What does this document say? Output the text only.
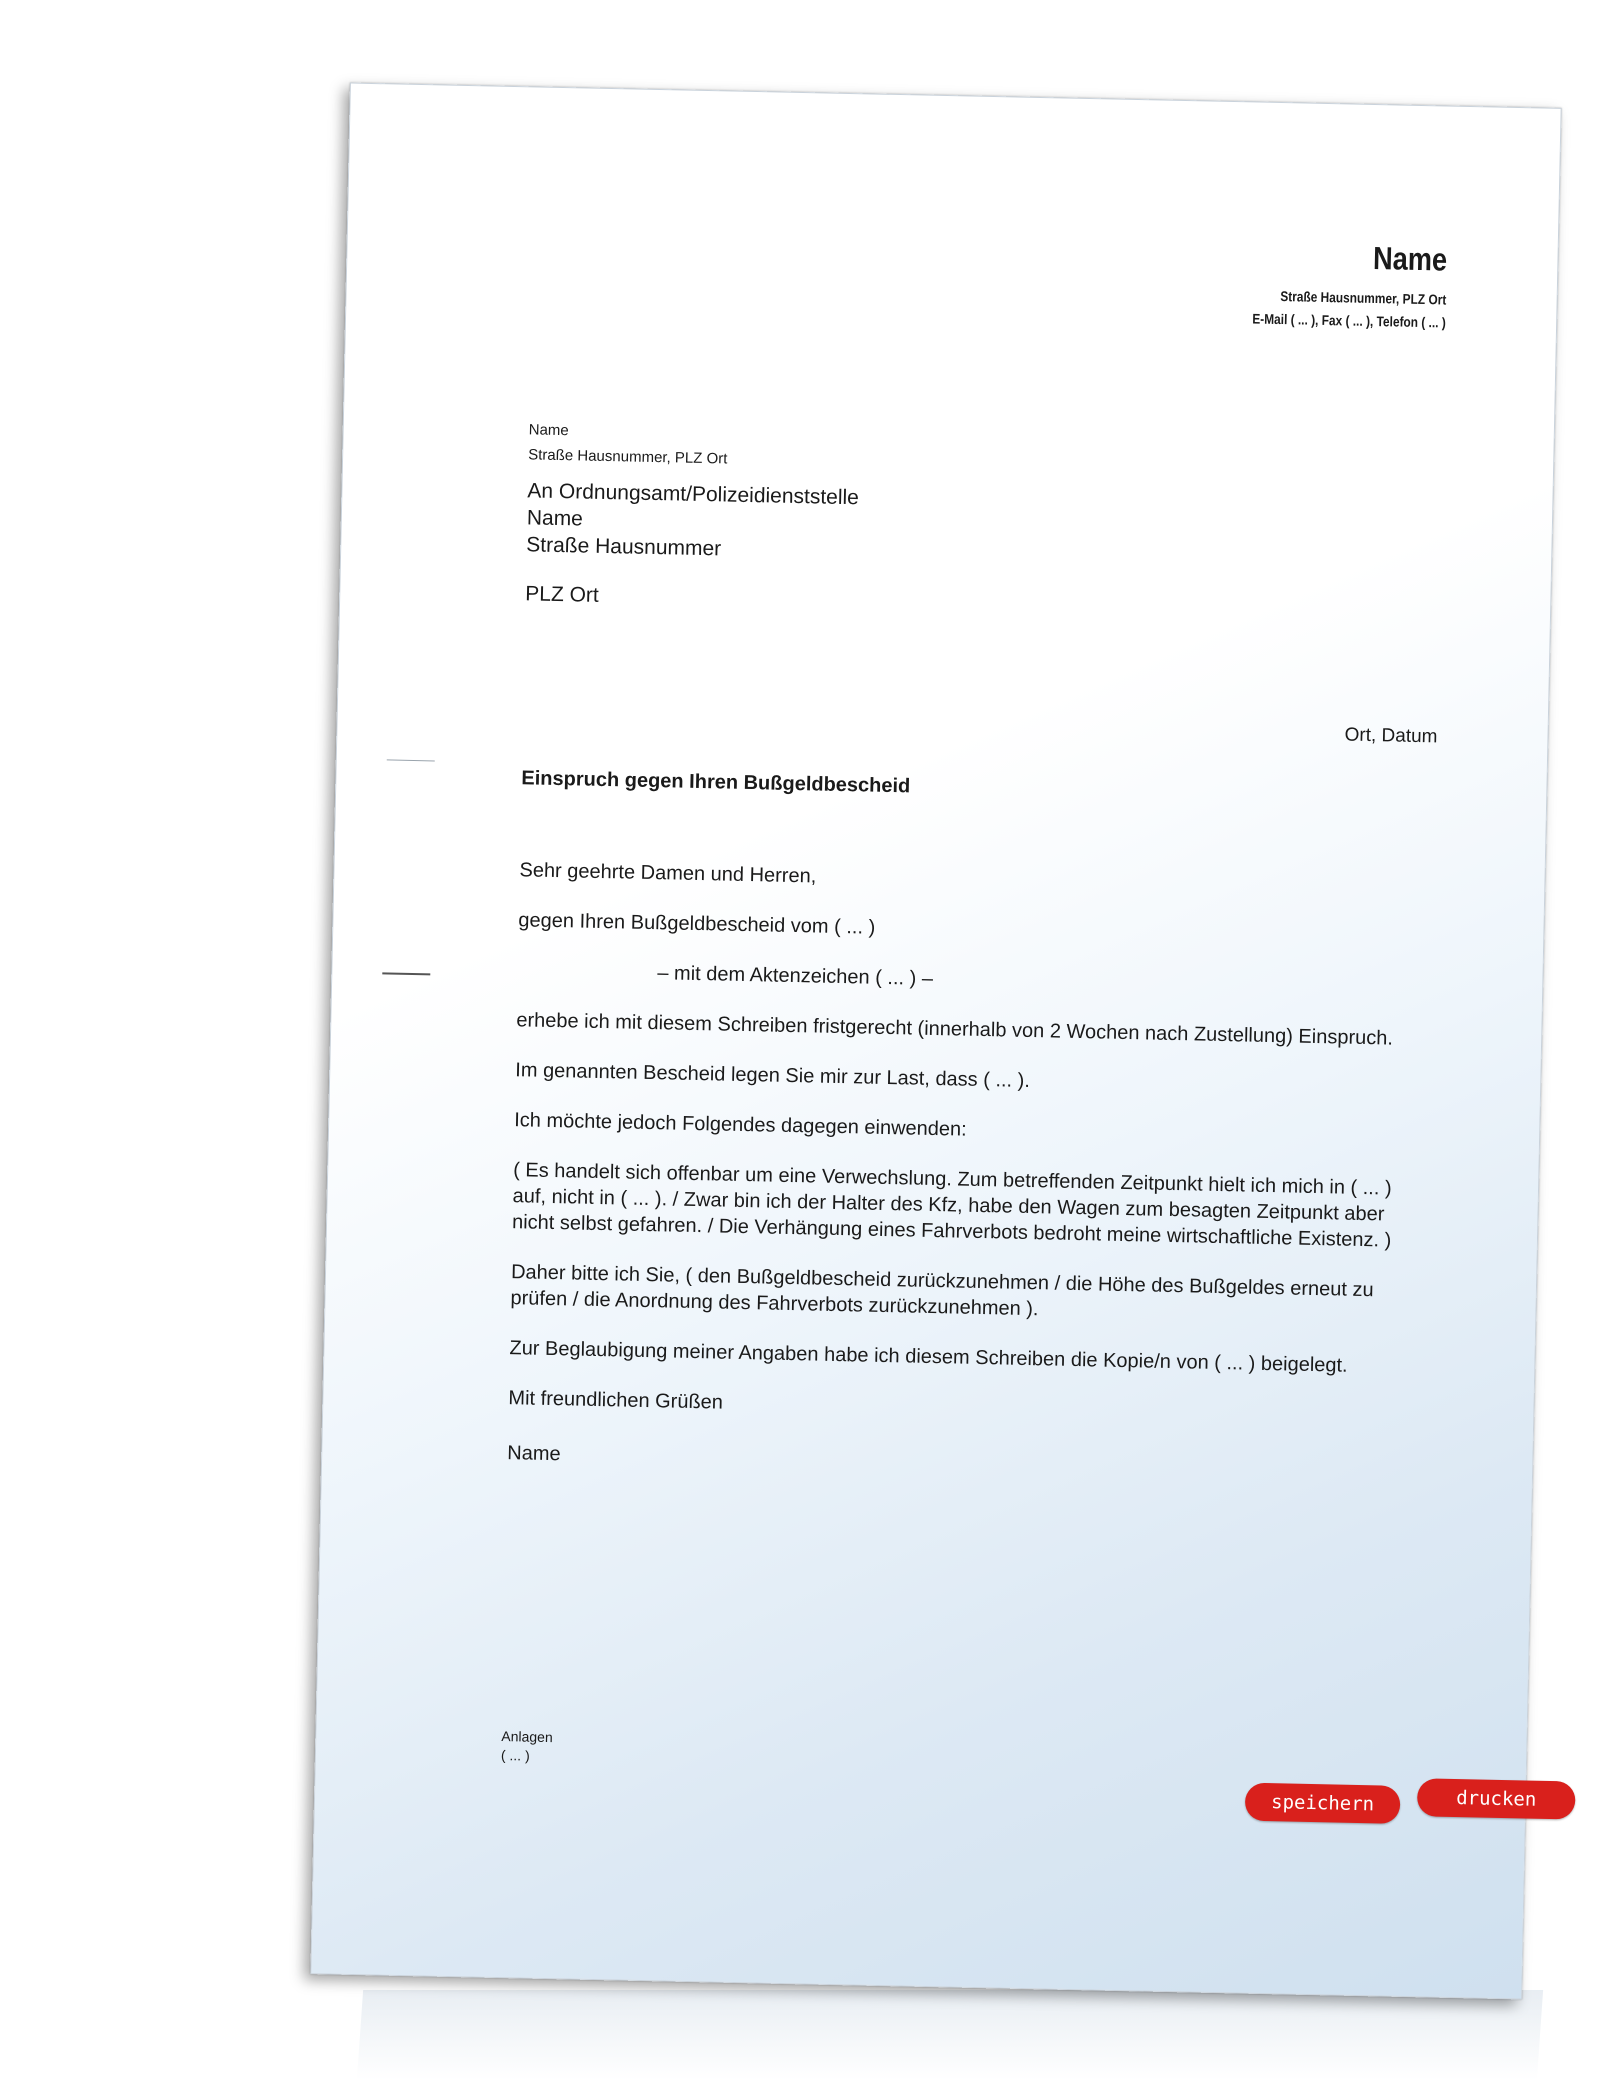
Name
Straße Hausnummer, PLZ Ort
E-Mail ( ... ), Fax ( ... ), Telefon ( ... )
Name
Straße Hausnummer, PLZ Ort
An Ordnungsamt/Polizeidienststelle
Name
Straße Hausnummer
PLZ Ort
Ort, Datum
Einspruch gegen Ihren Bußgeldbescheid

Sehr geehrte Damen und Herren,

gegen Ihren Bußgeldbescheid vom ( ... )

– mit dem Aktenzeichen ( ... ) –

erhebe ich mit diesem Schreiben fristgerecht (innerhalb von 2 Wochen nach Zustellung) Einspruch.

Im genannten Bescheid legen Sie mir zur Last, dass ( ... ).

Ich möchte jedoch Folgendes dagegen einwenden:

( Es handelt sich offenbar um eine Verwechslung. Zum betreffenden Zeitpunkt hielt ich mich in ( ... ) auf, nicht in ( ... ). / Zwar bin ich der Halter des Kfz, habe den Wagen zum besagten Zeitpunkt aber nicht selbst gefahren. / Die Verhängung eines Fahrverbots bedroht meine wirtschaftliche Existenz. )

Daher bitte ich Sie, ( den Bußgeldbescheid zurückzunehmen / die Höhe des Bußgeldes erneut zu prüfen / die Anordnung des Fahrverbots zurückzunehmen ).

Zur Beglaubigung meiner Angaben habe ich diesem Schreiben die Kopie/n von ( ... ) beigelegt.

Mit freundlichen Grüßen

Name
Anlagen
( ... )
speichern	drucken
